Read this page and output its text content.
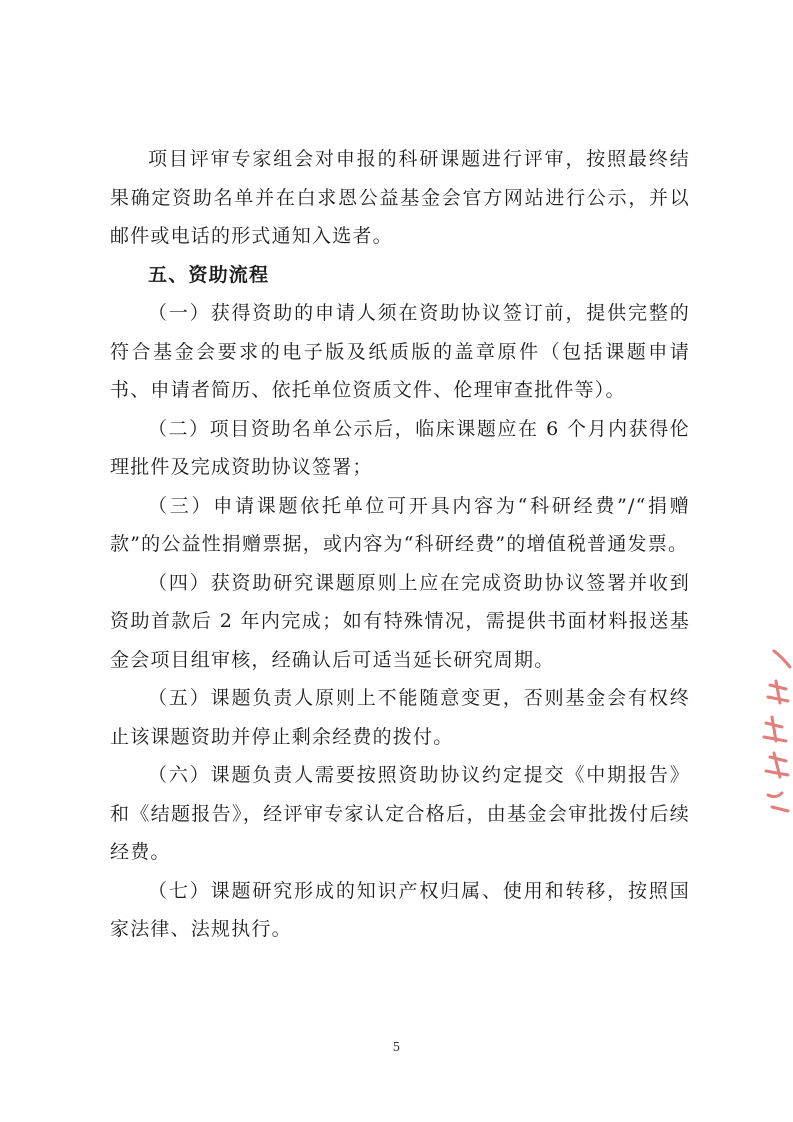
项目评审专家组会对申报的科研课题进行评审，按照最终结果确定资助名单并在白求恩公益基金会官方网站进行公示，并以邮件或电话的形式通知入选者。

五、资助流程

（一）获得资助的申请人须在资助协议签订前，提供完整的符合基金会要求的电子版及纸质版的盖章原件（包括课题申请书、申请者简历、依托单位资质文件、伦理审查批件等）。

（二）项目资助名单公示后，临床课题应在 6 个月内获得伦理批件及完成资助协议签署；

（三）申请课题依托单位可开具内容为“科研经费”/“捐赠款”的公益性捐赠票据，或内容为“科研经费”的增值税普通发票。

（四）获资助研究课题原则上应在完成资助协议签署并收到资助首款后 2 年内完成；如有特殊情况，需提供书面材料报送基金会项目组审核，经确认后可适当延长研究周期。

（五）课题负责人原则上不能随意变更，否则基金会有权终止该课题资助并停止剩余经费的拨付。

（六）课题负责人需要按照资助协议约定提交《中期报告》和《结题报告》，经评审专家认定合格后，由基金会审批拨付后续经费。

（七）课题研究形成的知识产权归属、使用和转移，按照国家法律、法规执行。

5
